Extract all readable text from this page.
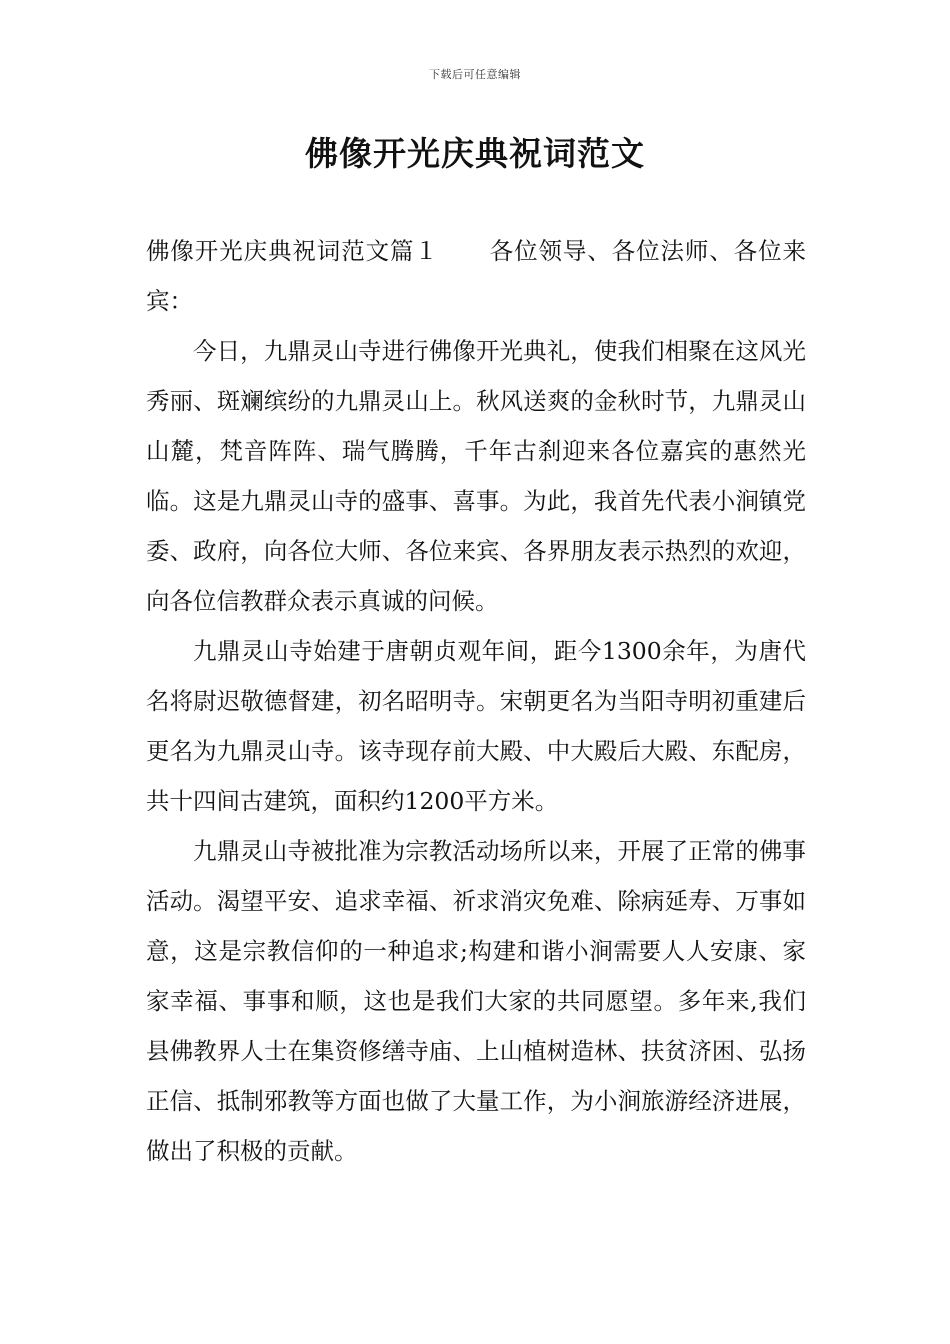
下载后可任意编辑
佛像开光庆典祝词范文

佛像开光庆典祝词范文篇１ 各位领导、各位法师、各位来宾：

今日，九鼎灵山寺进行佛像开光典礼，使我们相聚在这风光秀丽、斑斓缤纷的九鼎灵山上。秋风送爽的金秋时节，九鼎灵山山麓，梵音阵阵、瑞气腾腾，千年古刹迎来各位嘉宾的惠然光临。这是九鼎灵山寺的盛事、喜事。为此，我首先代表小涧镇党委、政府，向各位大师、各位来宾、各界朋友表示热烈的欢迎，向各位信教群众表示真诚的问候。

九鼎灵山寺始建于唐朝贞观年间，距今1300余年，为唐代名将尉迟敬德督建，初名昭明寺。宋朝更名为当阳寺明初重建后更名为九鼎灵山寺。该寺现存前大殿、中大殿后大殿、东配房，共十四间古建筑，面积约1200平方米。

九鼎灵山寺被批准为宗教活动场所以来，开展了正常的佛事活动。渴望平安、追求幸福、祈求消灾免难、除病延寿、万事如意，这是宗教信仰的一种追求;构建和谐小涧需要人人安康、家家幸福、事事和顺，这也是我们大家的共同愿望。多年来,我们县佛教界人士在集资修缮寺庙、上山植树造林、扶贫济困、弘扬正信、抵制邪教等方面也做了大量工作，为小涧旅游经济进展，做出了积极的贡献。
